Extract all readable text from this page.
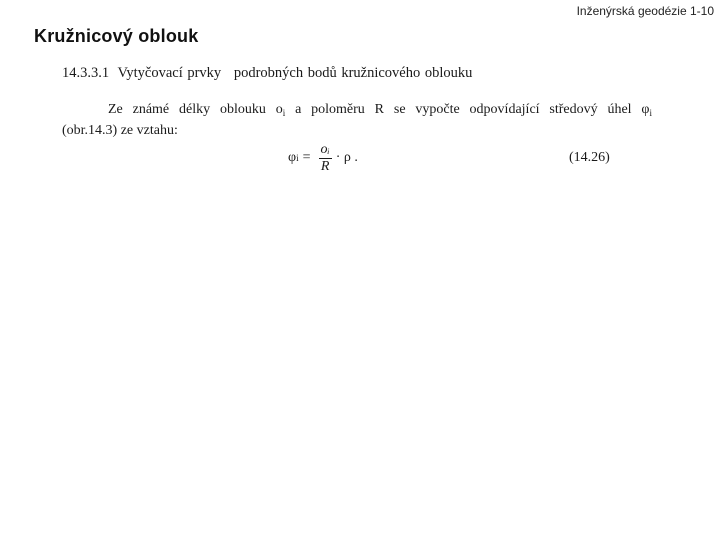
Inženýrská geodézie 1-10
Kružnicový oblouk
14.3.3.1 Vytyčovací prvky podrobných bodů kružnicového oblouku
Ze známé délky oblouku $o_i$ a poloměru R se vypočte odpovídající středový úhel $\varphi_i$
(obr.14.3) ze vztahu:
φ $i = \frac{\text{oᵢ}}{R} \cdot \rho$ .	(14.26)
